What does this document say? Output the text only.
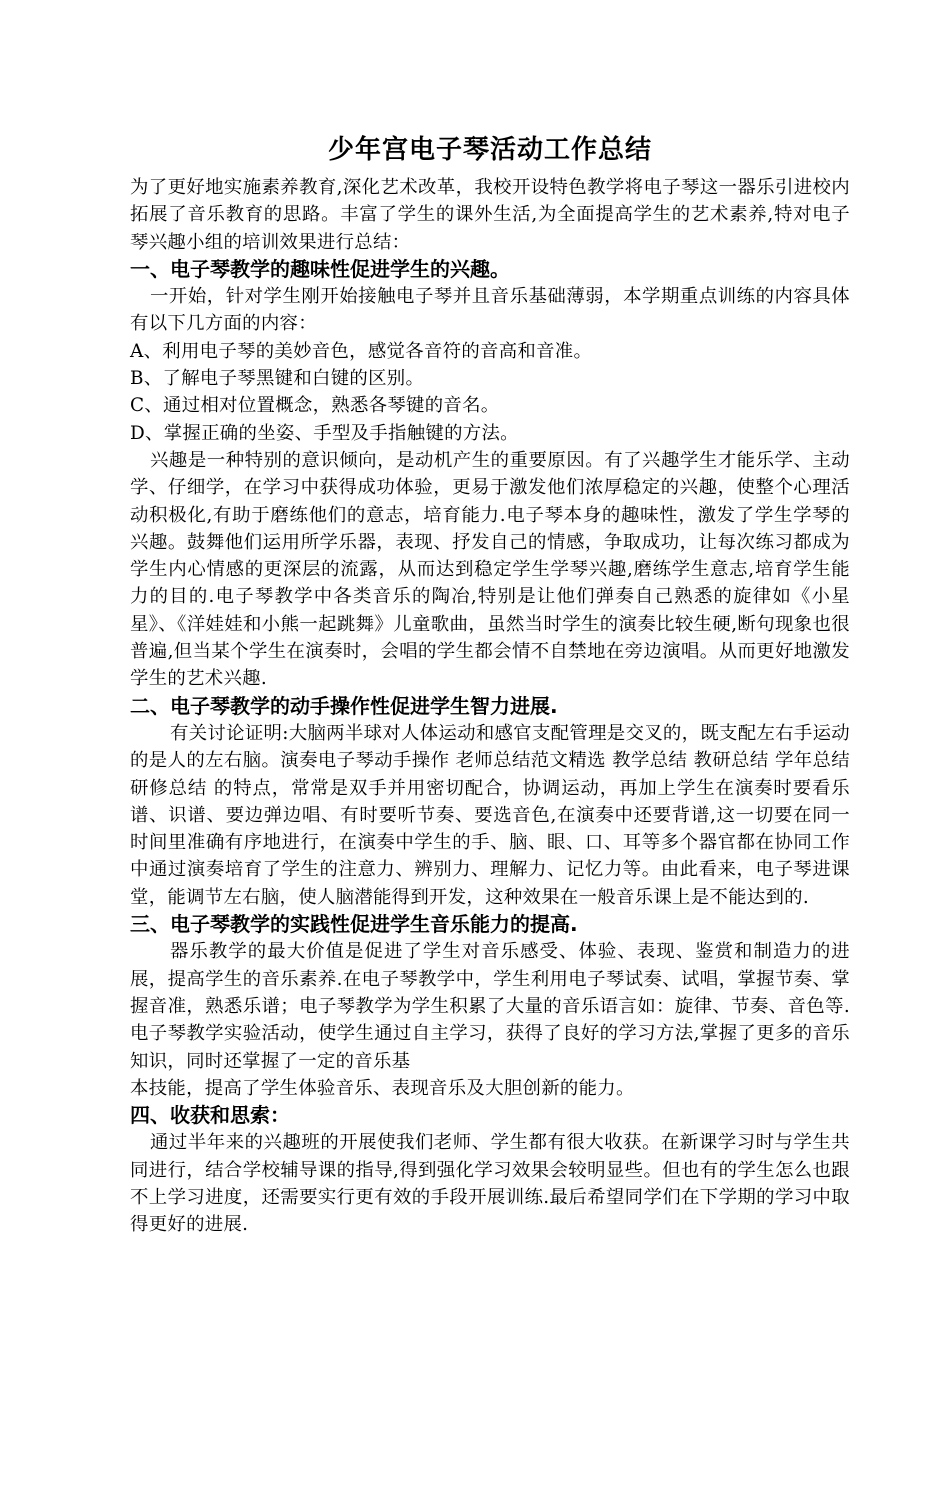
少年宫电子琴活动工作总结

为了更好地实施素养教育,深化艺术改革，我校开设特色教学将电子琴这一器乐引进校内拓展了音乐教育的思路。丰富了学生的课外生活,为全面提高学生的艺术素养,特对电子琴兴趣小组的培训效果进行总结：

一、电子琴教学的趣味性促进学生的兴趣。

一开始，针对学生刚开始接触电子琴并且音乐基础薄弱，本学期重点训练的内容具体有以下几方面的内容：

A、利用电子琴的美妙音色，感觉各音符的音高和音准。

B、了解电子琴黑键和白键的区别。

C、通过相对位置概念，熟悉各琴键的音名。

D、掌握正确的坐姿、手型及手指触键的方法。

兴趣是一种特别的意识倾向，是动机产生的重要原因。有了兴趣学生才能乐学、主动学、仔细学，在学习中获得成功体验，更易于激发他们浓厚稳定的兴趣，使整个心理活动积极化,有助于磨练他们的意志，培育能力.电子琴本身的趣味性，激发了学生学琴的兴趣。鼓舞他们运用所学乐器，表现、抒发自己的情感，争取成功，让每次练习都成为学生内心情感的更深层的流露，从而达到稳定学生学琴兴趣,磨练学生意志,培育学生能力的目的.电子琴教学中各类音乐的陶冶,特别是让他们弹奏自己熟悉的旋律如《小星星》、《洋娃娃和小熊一起跳舞》儿童歌曲，虽然当时学生的演奏比较生硬,断句现象也很普遍,但当某个学生在演奏时，会唱的学生都会情不自禁地在旁边演唱。从而更好地激发学生的艺术兴趣.

二、电子琴教学的动手操作性促进学生智力进展.

有关讨论证明:大脑两半球对人体运动和感官支配管理是交叉的，既支配左右手运动的是人的左右脑。演奏电子琴动手操作 老师总结范文精选 教学总结 教研总结 学年总结 研修总结 的特点，常常是双手并用密切配合，协调运动，再加上学生在演奏时要看乐谱、识谱、要边弹边唱、有时要听节奏、要选音色,在演奏中还要背谱,这一切要在同一时间里准确有序地进行，在演奏中学生的手、脑、眼、口、耳等多个器官都在协同工作中通过演奏培育了学生的注意力、辨别力、理解力、记忆力等。由此看来，电子琴进课堂，能调节左右脑，使人脑潜能得到开发，这种效果在一般音乐课上是不能达到的.

三、电子琴教学的实践性促进学生音乐能力的提高.

器乐教学的最大价值是促进了学生对音乐感受、体验、表现、鉴赏和制造力的进展，提高学生的音乐素养.在电子琴教学中，学生利用电子琴试奏、试唱，掌握节奏、掌握音准，熟悉乐谱；电子琴教学为学生积累了大量的音乐语言如：旋律、节奏、音色等.电子琴教学实验活动，使学生通过自主学习，获得了良好的学习方法,掌握了更多的音乐知识，同时还掌握了一定的音乐基

本技能，提高了学生体验音乐、表现音乐及大胆创新的能力。

四、收获和思索：

通过半年来的兴趣班的开展使我们老师、学生都有很大收获。在新课学习时与学生共同进行，结合学校辅导课的指导,得到强化学习效果会较明显些。但也有的学生怎么也跟不上学习进度，还需要实行更有效的手段开展训练.最后希望同学们在下学期的学习中取得更好的进展.
